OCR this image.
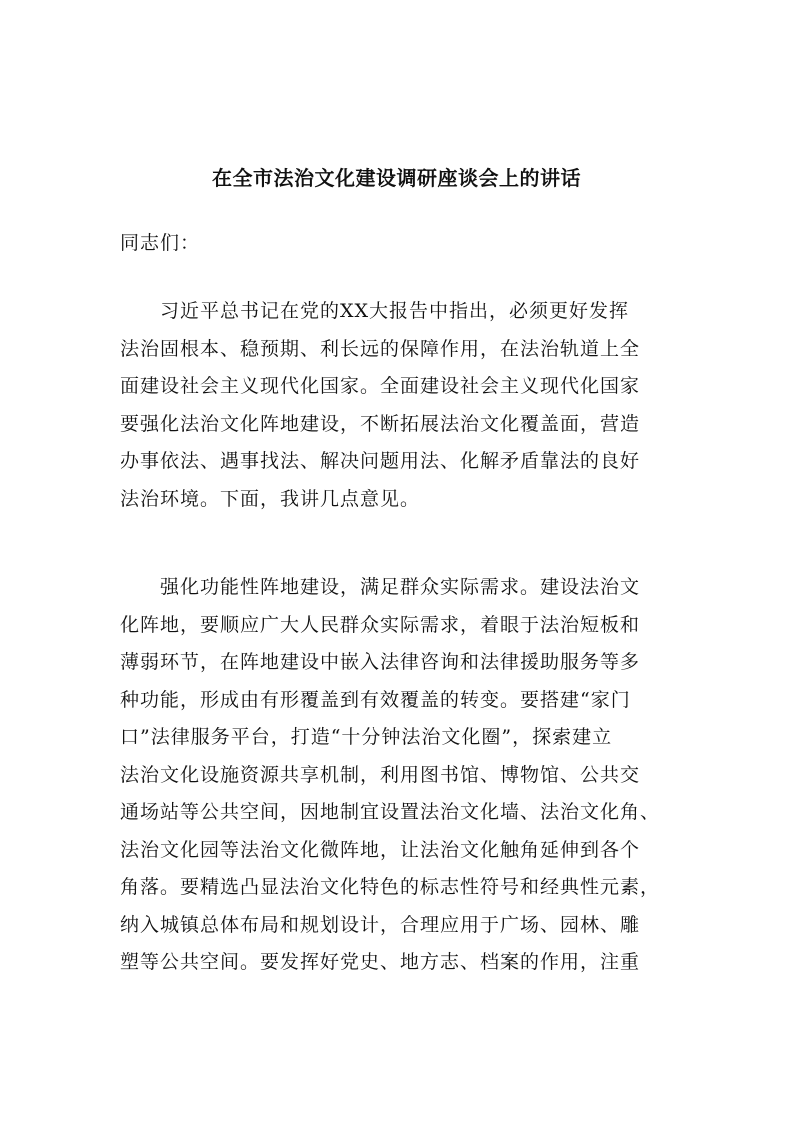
在全市法治文化建设调研座谈会上的讲话
同志们：
　　习近平总书记在党的XX大报告中指出，必须更好发挥
法治固根本、稳预期、利长远的保障作用，在法治轨道上全
面建设社会主义现代化国家。全面建设社会主义现代化国家
要强化法治文化阵地建设，不断拓展法治文化覆盖面，营造
办事依法、遇事找法、解决问题用法、化解矛盾靠法的良好
法治环境。下面，我讲几点意见。
　　强化功能性阵地建设，满足群众实际需求。建设法治文
化阵地，要顺应广大人民群众实际需求，着眼于法治短板和
薄弱环节，在阵地建设中嵌入法律咨询和法律援助服务等多
种功能，形成由有形覆盖到有效覆盖的转变。要搭建“家门
口”法律服务平台，打造“十分钟法治文化圈”，探索建立
法治文化设施资源共享机制，利用图书馆、博物馆、公共交
通场站等公共空间，因地制宜设置法治文化墙、法治文化角、
法治文化园等法治文化微阵地，让法治文化触角延伸到各个
角落。要精选凸显法治文化特色的标志性符号和经典性元素，
纳入城镇总体布局和规划设计，合理应用于广场、园林、雕
塑等公共空间。要发挥好党史、地方志、档案的作用，注重
